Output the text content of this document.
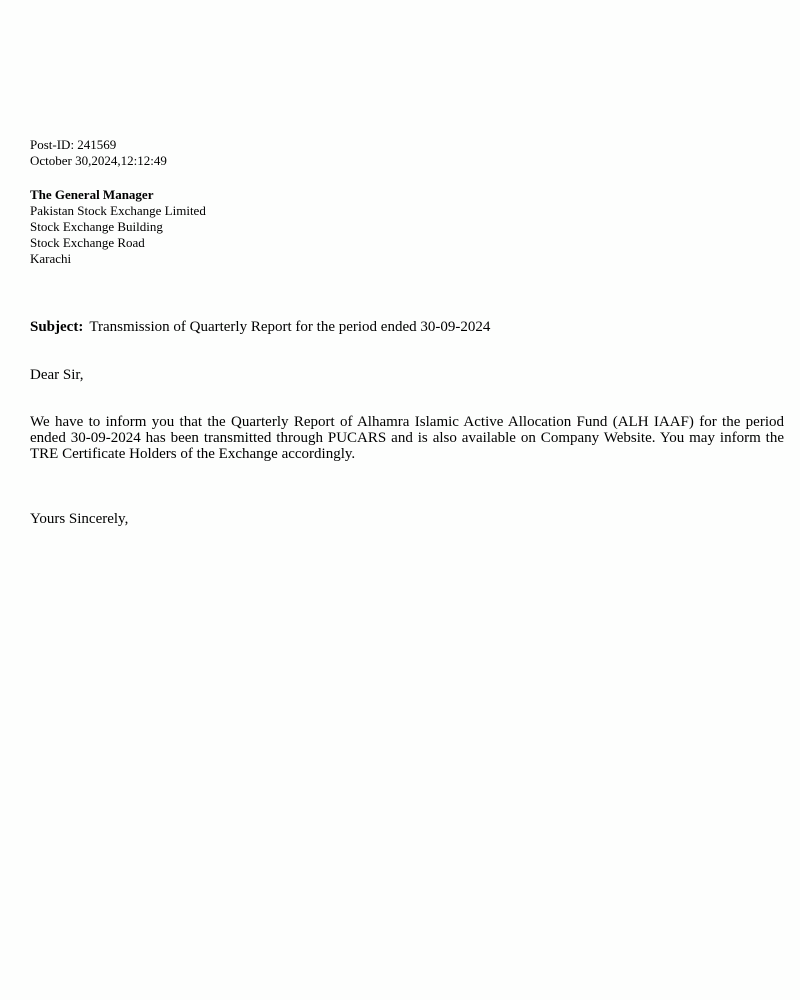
Post-ID: 241569
October 30,2024,12:12:49
The General Manager
Pakistan Stock Exchange Limited
Stock Exchange Building
Stock Exchange Road
Karachi
Subject: Transmission of Quarterly Report for the period ended 30-09-2024
Dear Sir,
We have to inform you that the Quarterly Report of Alhamra Islamic Active Allocation Fund (ALH IAAF) for the period ended 30-09-2024 has been transmitted through PUCARS and is also available on Company Website. You may inform the TRE Certificate Holders of the Exchange accordingly.
Yours Sincerely,
